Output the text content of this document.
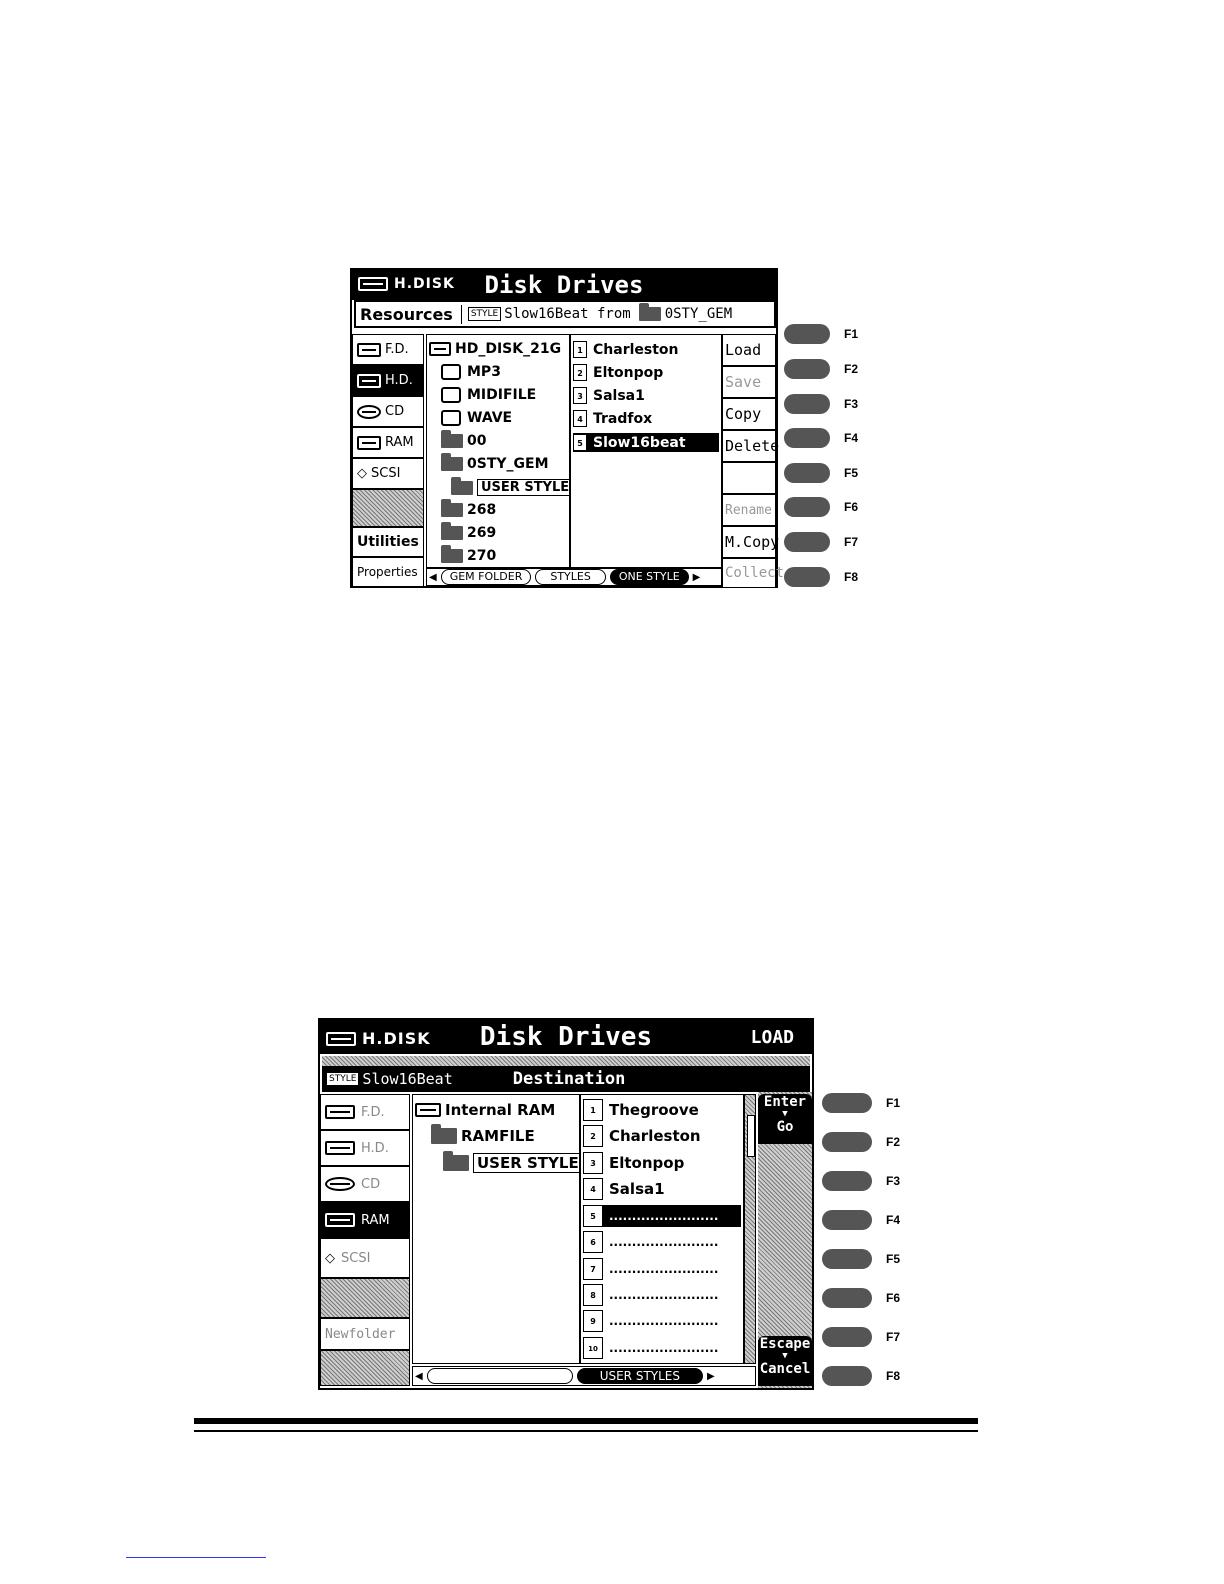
H.DISK	Disk Drives
Resources	STYLE Slow16Beat from 0STY_GEM
F.D.
H.D.
CD
RAM
◇ SCSI
Utilities
Properties
HD_DISK_21G
MP3
MIDIFILE
WAVE
00
0STY_GEM
USER STYLE
268
269
270
1 Charleston
2 Eltonpop
3 Salsa1
4 Tradfox
5 Slow16beat
◀	GEM FOLDER	STYLES	ONE STYLE	▶
Load
Save
Copy
Delete
Rename
M.Copy
Collect
F1
F2
F3
F4
F5
F6
F7
F8
H.DISK	Disk Drives	LOAD
STYLE Slow16Beat	Destination
F.D.
H.D.
CD
RAM
◇ SCSI
Newfolder
Internal RAM
RAMFILE
USER STYLE
1 Thegroove
2 Charleston
3 Eltonpop
4 Salsa1
5	........................
6	........................
7	........................
8	........................
9	........................
10 ........................
Enter
▼
Go
Escape
▼
Cancel
◀	USER STYLES	▶
F1
F2
F3
F4
F5
F6
F7
F8
